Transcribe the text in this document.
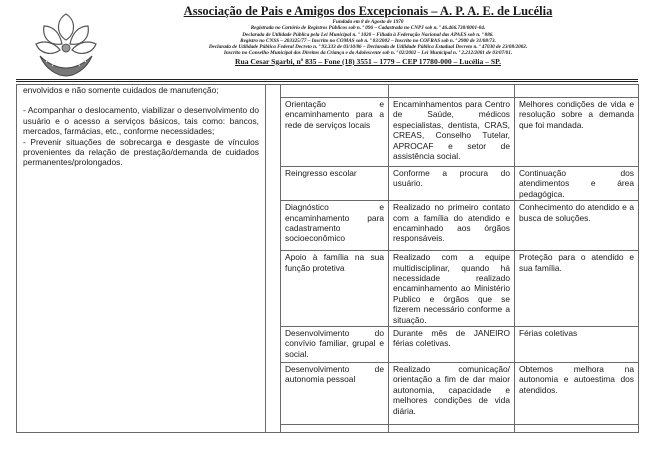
Associação de Pais e Amigos dos Excepcionais – A. P. A. E. de Lucélia

Fundada em 8 de Agosto de 1970

Registrada no Cartório de Registros Públicos sob n. º 096 – Cadastrada no CNPJ sob n. º 46.466.738/0001-04.

Declarada de Utilidade Pública pela Lei Municipal n. º 1020 – Filiada à Federação Nacional das APAES sob n. º 886.

Registro no CNSS – 203325/77 – Inscrito no COMAS sob n. º 03/2002 – Inscrito no COFRAS sob n. º 2900 de 31/08/73.

Declarada de Utilidade Pública Federal Decreto n. º 93.333 de 03/10/86 – Declarada de Utilidade Pública Estadual Decreto n. º 47030 de 23/08/2002.

Inscrito no Conselho Municipal dos Direitos da Criança e do Adolescente sob n. º 02/2002 – Lei Municipal n. º 2.212/2001 de 03/07/01.

Rua Cesar Sgarbi, nº 835 – Fone (18) 3551 – 1779 – CEP 17780-000 – Lucélia – SP.

envolvidos e não somente cuidados de manutenção;

- Acompanhar o deslocamento, viabilizar o desenvolvimento do usuário e o acesso a serviços básicos, tais como: bancos, mercados, farmácias, etc., conforme necessidades;

- Prevenir situações de sobrecarga e desgaste de vínculos provenientes da relação de prestação/demanda de cuidados permanentes/prolongados.				

		Orientação e encaminhamento para a rede de serviços locais	Encaminhamentos para Centro de Saúde, médicos especialistas, dentista, CRAS, CREAS, Conselho Tutelar, APROCAF e setor de assistência social.	Melhores condições de vida e resolução sobre a demanda que foi mandada.
		Reingresso escolar	Conforme a procura do usuário.	Continuação dos atendimentos e área pedagógica.
		Diagnóstico e encaminhamento para cadastramento socioeconômico	Realizado no primeiro contato com a família do atendido e encaminhado aos órgãos responsáveis.	Conhecimento do atendido e a busca de soluções.
		Apoio à família na sua função protetiva	Realizado com a equipe multidisciplinar, quando há necessidade realizado encaminhamento ao Ministério Publico e órgãos que se fizerem necessário conforme a situação.	Proteção para o atendido e sua família.
		Desenvolvimento do convívio familiar, grupal e social.	Durante mês de JANEIRO férias coletivas.	Férias coletivas
		Desenvolvimento de autonomia pessoal	Realizado comunicação/ orientação a fim de dar maior autonomia, capacidade e melhores condições de vida diária.	Obtemos melhora na autonomia e autoestima dos atendidos.
